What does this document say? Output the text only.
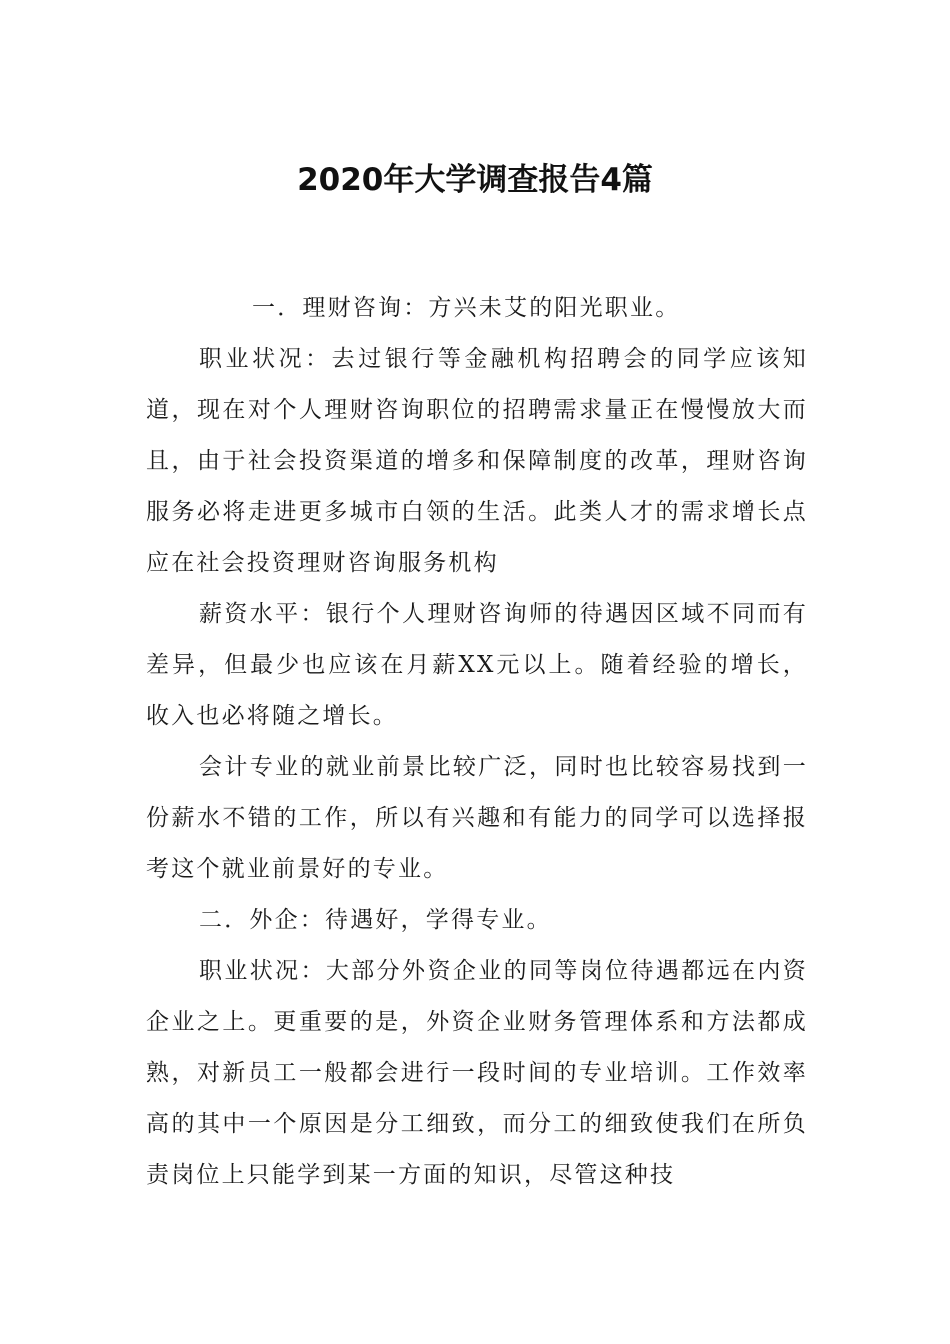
2020年大学调查报告4篇

一．理财咨询：方兴未艾的阳光职业。

职业状况：去过银行等金融机构招聘会的同学应该知道，现在对个人理财咨询职位的招聘需求量正在慢慢放大而且，由于社会投资渠道的增多和保障制度的改革，理财咨询服务必将走进更多城市白领的生活。此类人才的需求增长点应在社会投资理财咨询服务机构

薪资水平：银行个人理财咨询师的待遇因区域不同而有差异，但最少也应该在月薪XX元以上。随着经验的增长，收入也必将随之增长。

会计专业的就业前景比较广泛，同时也比较容易找到一份薪水不错的工作，所以有兴趣和有能力的同学可以选择报考这个就业前景好的专业。

二．外企：待遇好，学得专业。

职业状况：大部分外资企业的同等岗位待遇都远在内资企业之上。更重要的是，外资企业财务管理体系和方法都成熟，对新员工一般都会进行一段时间的专业培训。工作效率高的其中一个原因是分工细致，而分工的细致使我们在所负责岗位上只能学到某一方面的知识，尽管这种技
